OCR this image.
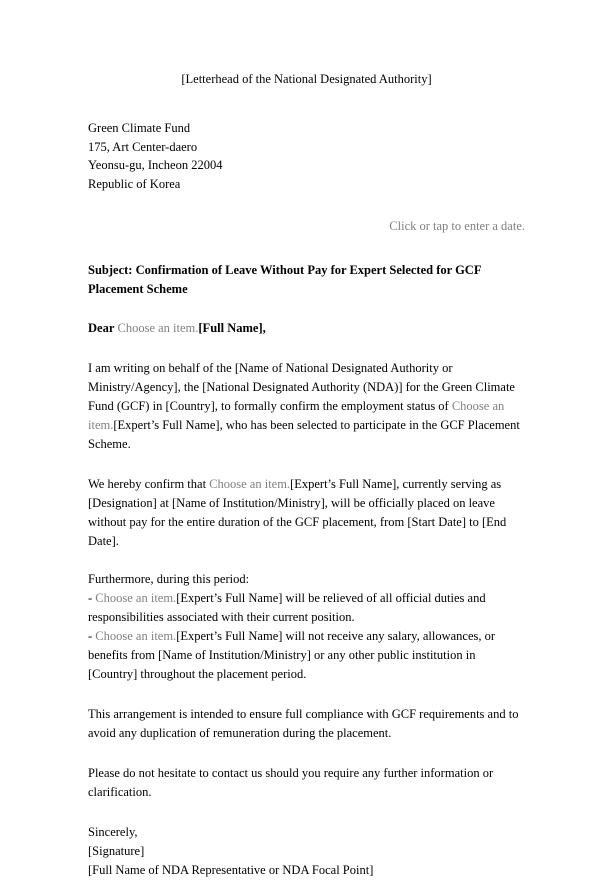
[Letterhead of the National Designated Authority]
Green Climate Fund
175, Art Center-daero
Yeonsu-gu, Incheon 22004
Republic of Korea
Click or tap to enter a date.
Subject: Confirmation of Leave Without Pay for Expert Selected for GCF Placement Scheme
Dear Choose an item.[Full Name],

I am writing on behalf of the [Name of National Designated Authority or Ministry/Agency], the [National Designated Authority (NDA)] for the Green Climate Fund (GCF) in [Country], to formally confirm the employment status of Choose an item.[Expert’s Full Name], who has been selected to participate in the GCF Placement Scheme.

We hereby confirm that Choose an item.[Expert’s Full Name], currently serving as [Designation] at [Name of Institution/Ministry], will be officially placed on leave without pay for the entire duration of the GCF placement, from [Start Date] to [End Date].

Furthermore, during this period:
- Choose an item.[Expert’s Full Name] will be relieved of all official duties and responsibilities associated with their current position.
- Choose an item.[Expert’s Full Name] will not receive any salary, allowances, or benefits from [Name of Institution/Ministry] or any other public institution in [Country] throughout the placement period.

This arrangement is intended to ensure full compliance with GCF requirements and to avoid any duplication of remuneration during the placement.

Please do not hesitate to contact us should you require any further information or clarification.

Sincerely,
[Signature]
[Full Name of NDA Representative or NDA Focal Point]
